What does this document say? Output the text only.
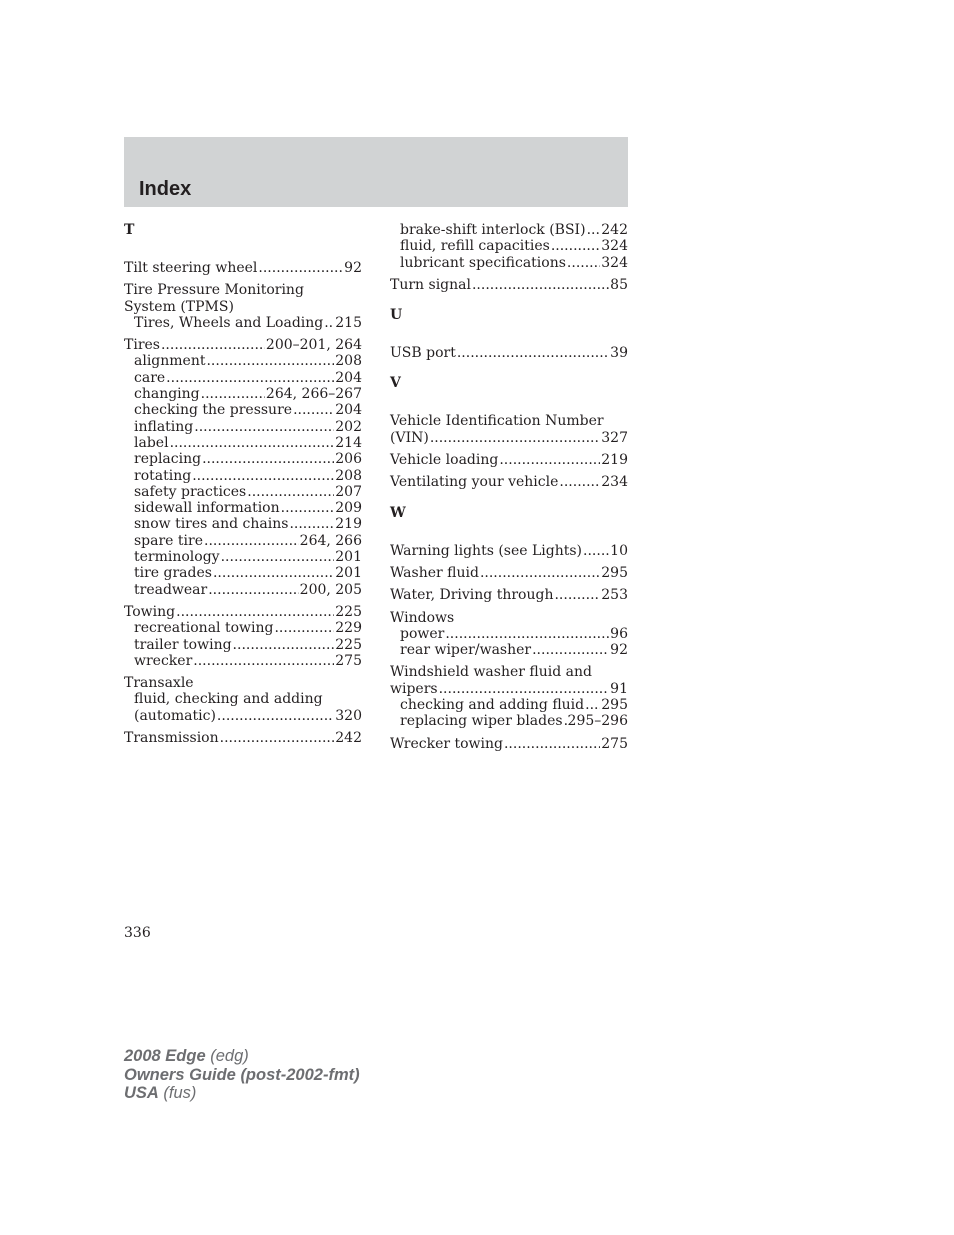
Index
T
Tilt steering wheel .....	92
Tire Pressure Monitoring
System (TPMS)
Tires, Wheels and Loading ..... 215
Tires .....	200–201, 264
alignment .....	208
care .....	204
changing .....	264, 266–267
checking the pressure .....	204
inflating .....	202
label .....	214
replacing .....	206
rotating .....	208
safety practices .....	207
sidewall information .....	209
snow tires and chains .....	219
spare tire .....	264, 266
terminology .....	201
tire grades .....	201
treadwear .....	200, 205
Towing .....	225
recreational towing .....	229
trailer towing .....	225
wrecker .....	275
Transaxle
fluid, checking and adding
(automatic) .....	320
Transmission .....	242
brake-shift interlock (BSI) ..... 242
fluid, refill capacities .....	324
lubricant specifications .....	324
Turn signal .....	85
U
USB port .....	39
V
Vehicle Identification Number
(VIN) .....	327
Vehicle loading .....	219
Ventilating your vehicle .....	234
W
Warning lights (see Lights) ..... 10
Washer fluid .....	295
Water, Driving through .....	253
Windows
power .....	96
rear wiper/washer .....	92
Windshield washer fluid and
wipers .....	91
checking and adding fluid ..... 295
replacing wiper blades ..... 295–296
Wrecker towing .....	275
336
2008 Edge (edg)
Owners Guide (post-2002-fmt)
USA (fus)
